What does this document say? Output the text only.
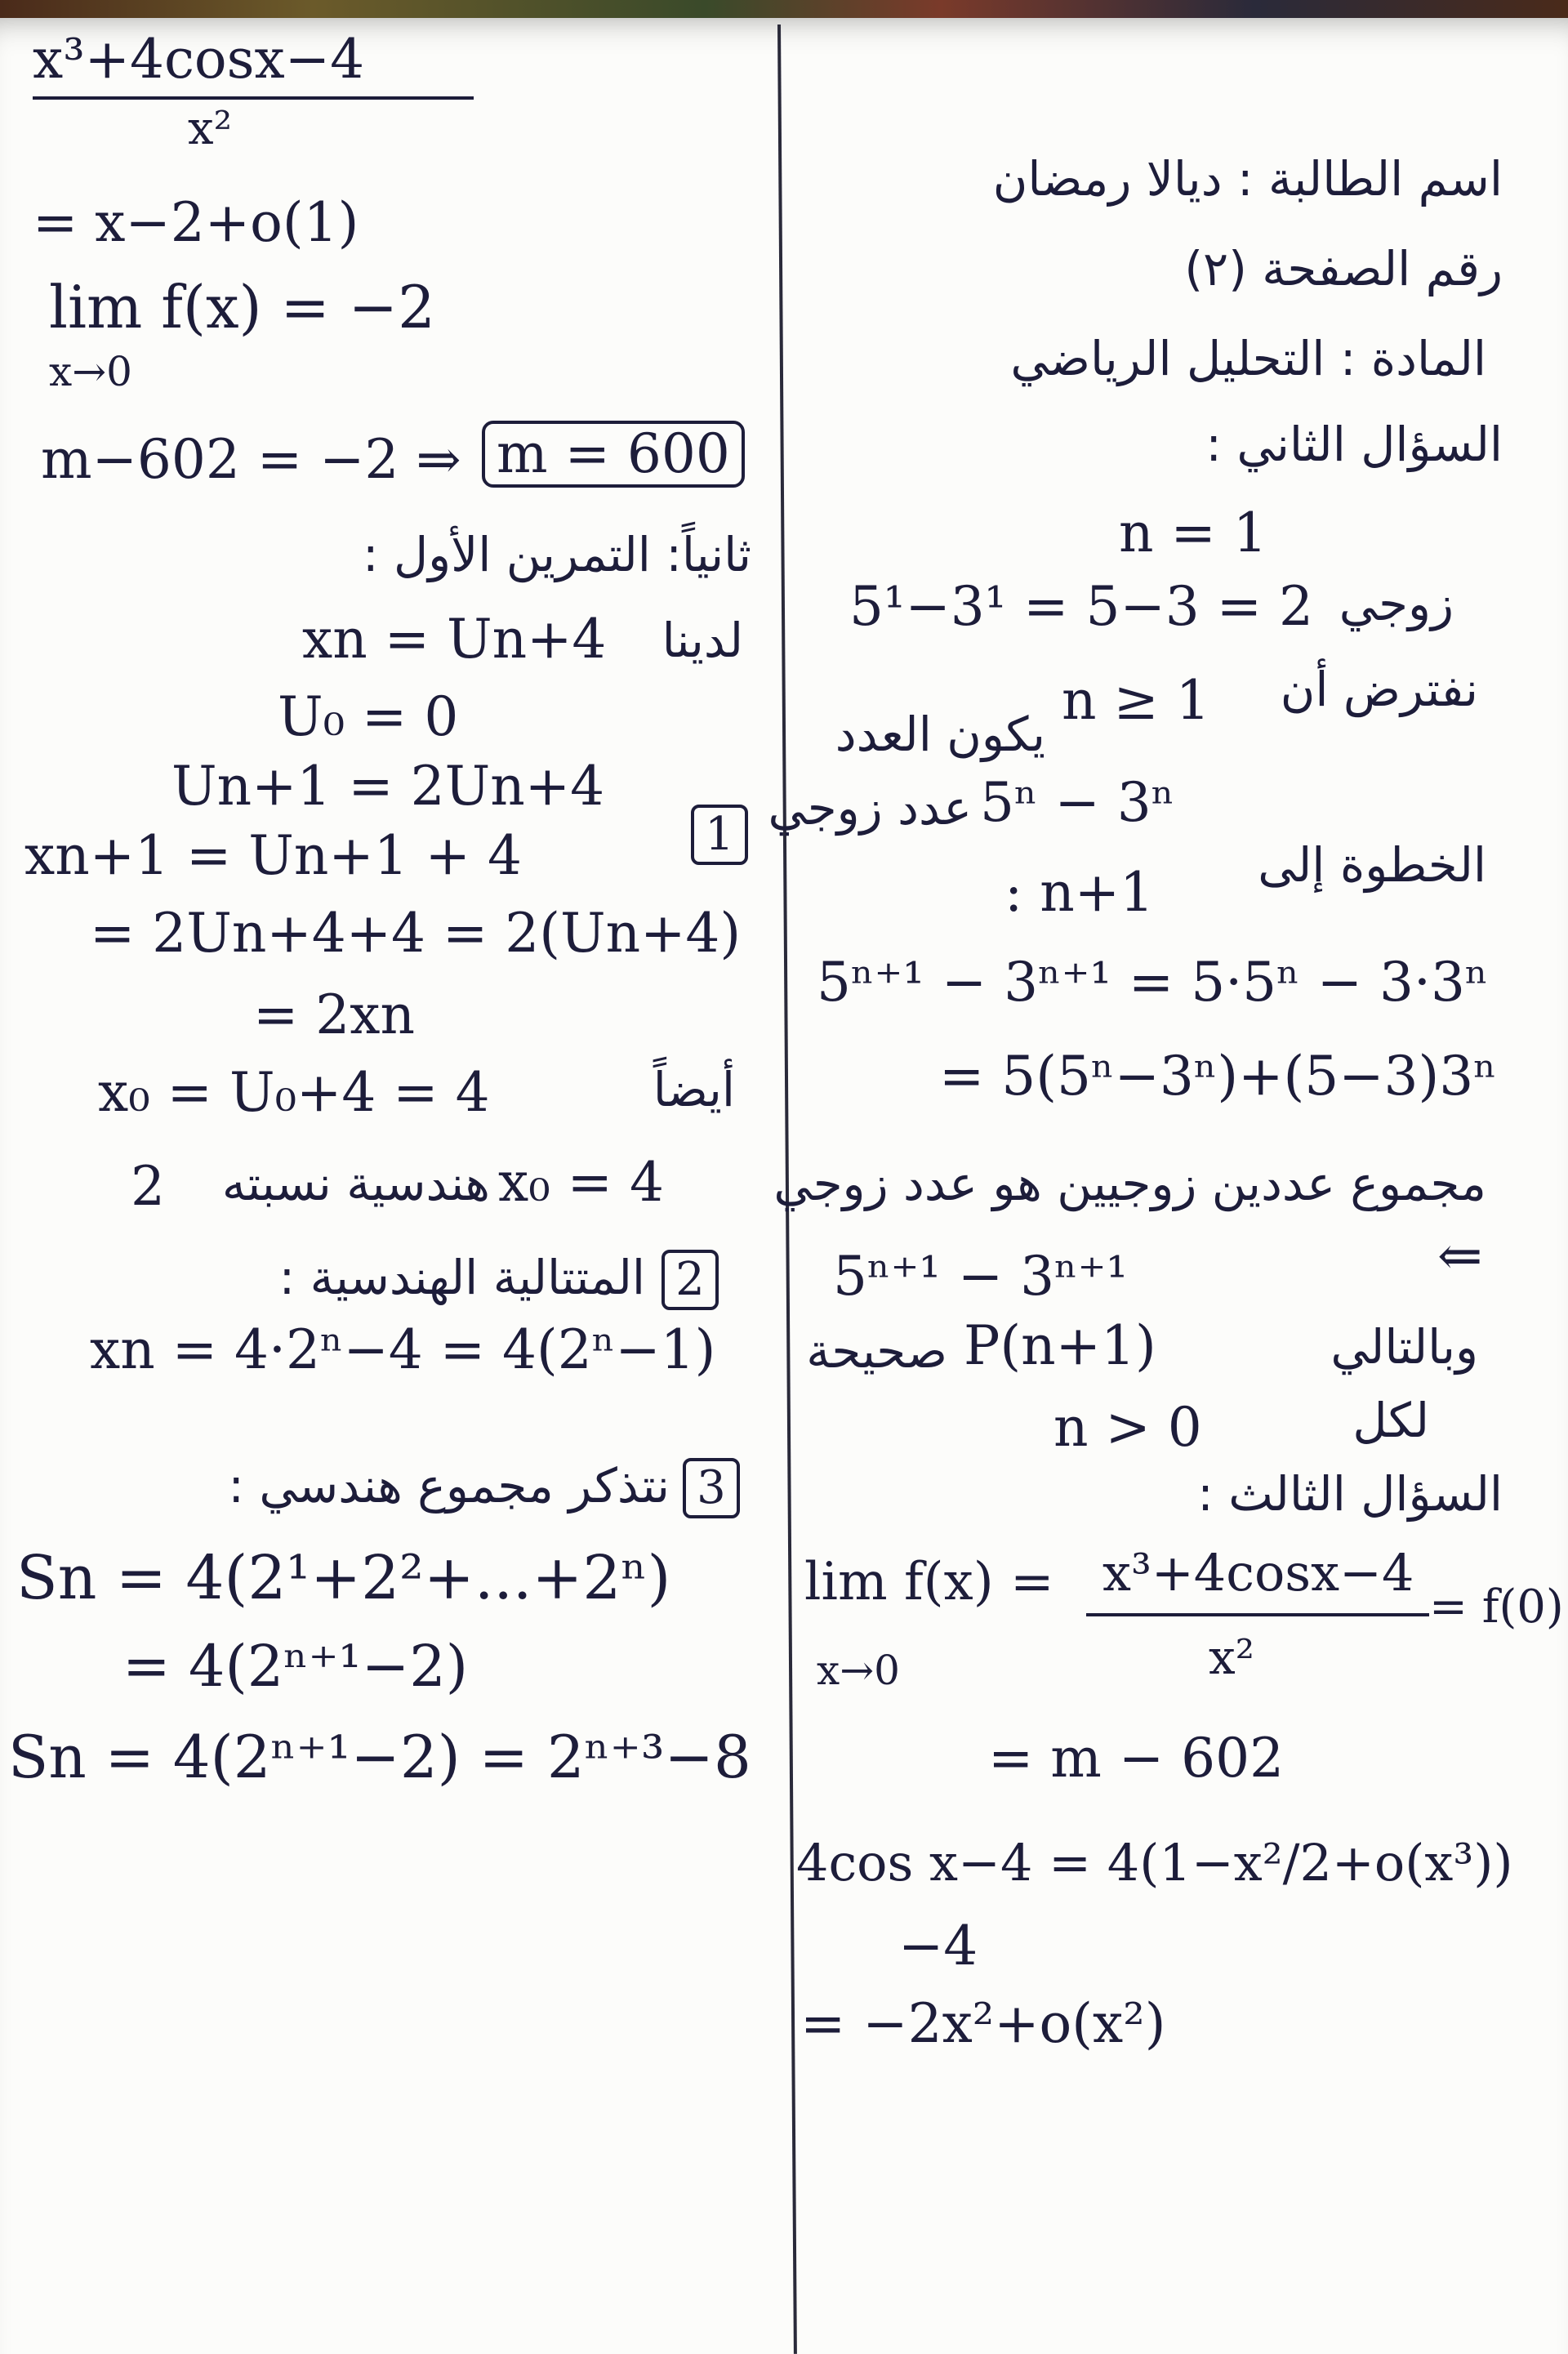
x³+4cosx−4
x²
= x−2+o(1)
lim f(x) = −2
x→0
m−602 = −2 ⇒ m = 600
ثانياً: التمرين الأول :
لدينا
xn = Un+4
U₀ = 0
Un+1 = 2Un+4
1
xn+1 = Un+1 + 4
= 2Un+4+4 = 2(Un+4)
= 2xn
x₀ = U₀+4 = 4	أيضاً
2	هندسية نسبته x₀ = 4
2
المتتالية الهندسية :
xn = 4·2ⁿ−4 = 4(2ⁿ−1)
3
نتذكر مجموع هندسي :
Sn = 4(2¹+2²+...+2ⁿ)
= 4(2ⁿ⁺¹−2)
Sn = 4(2ⁿ⁺¹−2) = 2ⁿ⁺³−8
اسم الطالبة : ديالا رمضان
رقم الصفحة (٢)
المادة : التحليل الرياضي
السؤال الثاني :
n = 1
5¹−3¹ = 5−3 = 2 زوجي
نفترض أن
n ≥ 1
يكون العدد
5ⁿ − 3ⁿ
عدد زوجي
الخطوة إلى
: n+1
5ⁿ⁺¹ − 3ⁿ⁺¹ = 5·5ⁿ − 3·3ⁿ
= 5(5ⁿ−3ⁿ)+(5−3)3ⁿ
مجموع عددين زوجيين هو عدد زوجي
5ⁿ⁺¹ − 3ⁿ⁺¹	⇐
وبالتالي
P(n+1)
صحيحة
لكل
n > 0
السؤال الثالث :
lim f(x) = x³+4cosx−4
x²
= f(0)
x→0
= m − 602
4cos x−4 = 4(1−x²/2+o(x³))
−4
= −2x²+o(x²)
